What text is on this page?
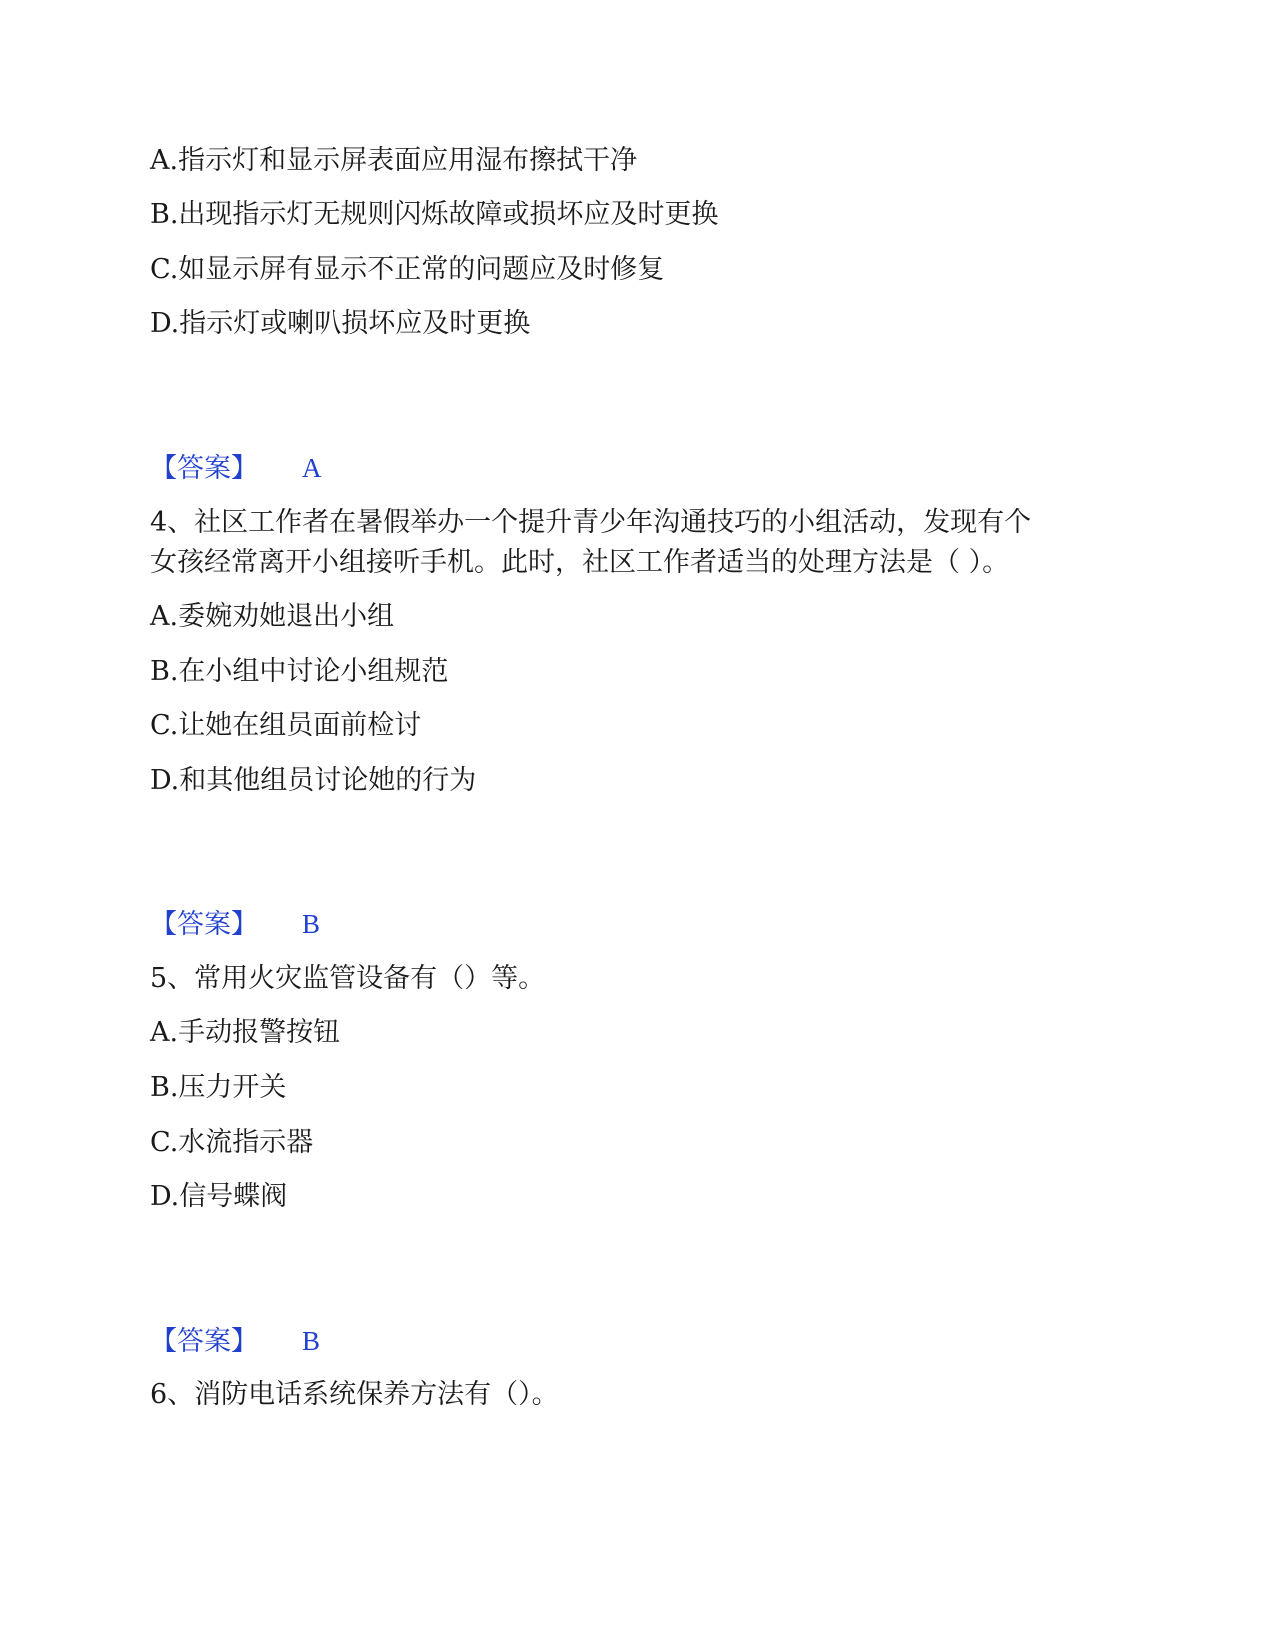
A.指示灯和显示屏表面应用湿布擦拭干净
B.出现指示灯无规则闪烁故障或损坏应及时更换
C.如显示屏有显示不正常的问题应及时修复
D.指示灯或喇叭损坏应及时更换
【答案】 A
4、社区工作者在暑假举办一个提升青少年沟通技巧的小组活动，发现有个
女孩经常离开小组接听手机。此时，社区工作者适当的处理方法是（ ）。
A.委婉劝她退出小组
B.在小组中讨论小组规范
C.让她在组员面前检讨
D.和其他组员讨论她的行为
【答案】 B
5、常用火灾监管设备有（）等。
A.手动报警按钮
B.压力开关
C.水流指示器
D.信号蝶阀
【答案】 B
6、消防电话系统保养方法有（）。
